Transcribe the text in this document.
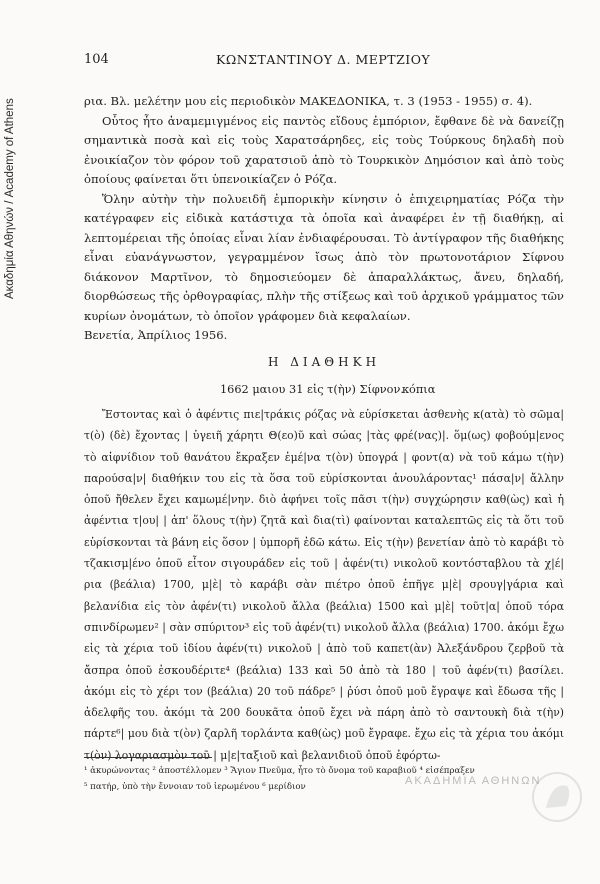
Ακαδημία Αθηνών / Academy of Athens
104	ΚΩΝΣΤΑΝΤΙΝΟΥ Δ. ΜΕΡΤΖΙΟΥ

ρια. Βλ. μελέτην μου εἰς περιοδικὸν ΜΑΚΕΔΟΝΙΚΑ, τ. 3 (1953 - 1955) σ. 4).

Οὗτος ἦτο ἀναμεμιγμένος εἰς παντὸς εἴδους ἐμπόριον, ἔφθανε δὲ νὰ δανείζῃ σημαντικὰ ποσὰ καὶ εἰς τοὺς Χαρατσάρηδες, εἰς τοὺς Τούρκους δηλαδὴ ποὺ ἐνοικίαζον τὸν φόρον τοῦ χαρατσιοῦ ἀπὸ τὸ Τουρκικὸν Δημόσιον καὶ ἀπὸ τοὺς ὁποίους φαίνεται ὅτι ὑπενοικίαζεν ὁ Ρόζα.

Ὅλην αὐτὴν τὴν πολυειδῆ ἐμπορικὴν κίνησιν ὁ ἐπιχειρηματίας Ρόζα τὴν κατέγραφεν εἰς εἰδικὰ κατάστιχα τὰ ὁποῖα καὶ ἀναφέρει ἐν τῇ διαθήκῃ, αἱ λεπτομέρειαι τῆς ὁποίας εἶναι λίαν ἐνδιαφέρουσαι. Τὸ ἀντίγραφον τῆς διαθήκης εἶναι εὐανάγνωστον, γεγραμμένον ἴσως ἀπὸ τὸν πρωτονοτάριον Σίφνου διάκονον Μαρτῖνον, τὸ δημοσιεύομεν δὲ ἀπαραλλάκτως, ἄνευ, δηλαδή, διορθώσεως τῆς ὀρθογραφίας, πλὴν τῆς στίξεως καὶ τοῦ ἀρχικοῦ γράμματος τῶν κυρίων ὀνομάτων, τὸ ὁποῖον γράφομεν διὰ κεφαλαίων.

Βενετία, Ἀπρίλιος 1956.

Η ΔΙΑΘΗΚΗ
1662 μαιου 31 εἰς τ(ὴν) Σίφνον.
κόπια

Ἔστοντας καὶ ὁ ἀφέντις πιε|τράκις ρόζας νὰ εὑρίσκεται ἀσθενὴς κ(ατὰ) τὸ σῶμα| τ(ὸ) (δὲ) ἔχοντας | ὑγειῆ χάρητι Θ(εο)ῦ καὶ σώας |τὰς φρέ(νας)|. ὅμ(ως) φοβούμ|ενος τὸ αἰφνίδιον τοῦ θανάτου ἔκραξεν ἐμέ|να τ(ὸν) ὑπογρά | φοντ(α) νὰ τοῦ κάμω τ(ὴν) παρούσα|ν| διαθήκιν του εἰς τὰ ὅσα τοῦ εὑρίσκονται ἀνουλάροντας¹ πάσα|ν| ἄλλην ὁποῦ ἤθελεν ἔχει καμωμέ|νην. διὸ ἀφήνει τοῖς πᾶσι τ(ὴν) συγχώρησιν καθ(ὼς) καὶ ἡ ἀφέντια τ|ου| | ἀπ' ὅλους τ(ὴν) ζητᾶ καὶ δια(τὶ) φαίνονται καταλεπτῶς εἰς τὰ ὅτι τοῦ εὑρίσκονται τὰ βάνη εἰς ὅσον | ὑμπορῆ ἐδῶ κάτω. Εἰς τ(ὴν) βενετίαν ἀπὸ τὸ καράβι τὸ τζακισμ|ένο ὁποῦ εἶτον σιγουράδεν εἰς τοῦ | ἀφέν(τι) νικολοῦ κοντόσταβλου τὰ χ|έ|ρια (βεάλια) 1700, μ|ὲ| τὸ καράβι σὰν πιέτρο ὁποῦ ἐπῆγε μ|ὲ| σρουγ|γάρια καὶ βελανίδια εἰς τὸν ἀφέν(τι) νικολοῦ ἄλλα (βεάλια) 1500 καὶ μ|ὲ| τοῦτ|α| ὁποῦ τόρα σπινδίρωμεν² | σὰν σπύριτον³ εἰς τοῦ ἀφέν(τι) νικολοῦ ἄλλα (βεάλια) 1700. ἀκόμι ἔχω εἰς τὰ χέρια τοῦ ἰδίου ἀφέν(τι) νικολοῦ | ἀπὸ τοῦ καπετ(ὰν) Ἀλεξάνδρου ζερβοῦ τὰ ἄσπρα ὁποῦ ἐσκουδέριτε⁴ (βεάλια) 133 καὶ 50 ἀπὸ τὰ 180 | τοῦ ἀφέν(τι) βασίλει. ἀκόμι εἰς τὸ χέρι τον (βεάλια) 20 τοῦ πάδρε⁵ | ῥύσι ὁποῦ μοῦ ἔγραψε καὶ ἔδωσα τῆς | ἀδελφῆς του. ἀκόμι τὰ 200 δουκᾶτα ὁποῦ ἔχει νὰ πάρη ἀπὸ τὸ σαντουκὴ διὰ τ(ὴν) πάρτε⁶| μου διὰ τ(ὸν) ζαρλῆ τορλάντα καθ(ὼς) μοῦ ἔγραφε. ἔχω εἰς τὰ χέρια του ἀκόμι τ(ὸν) λογαριασμὸν τοῦ | μ|ε|ταξιοῦ καὶ βελανιδιοῦ ὁποῦ ἐφόρτω-

¹ ἀκυρώνοντας ² ἀποστέλλομεν ³ Ἅγιον Πνεῦμα, ἦτο τὸ ὄνομα τοῦ καραβιοῦ ⁴ εἰσέπραξεν
⁵ πατήρ, ὑπὸ τὴν ἔννοιαν τοῦ ἱερωμένου ⁶ μερίδιον	ΑΚΑΔΗΜΙΑ ΑΘΗΝΩΝ
